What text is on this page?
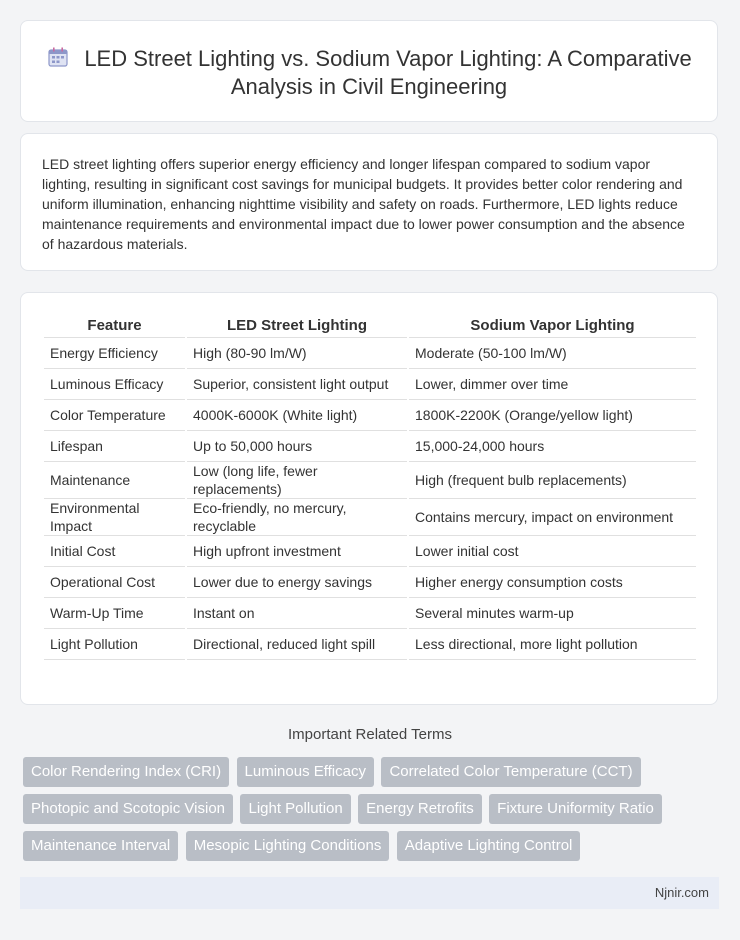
LED Street Lighting vs. Sodium Vapor Lighting: A Comparative Analysis in Civil Engineering
LED street lighting offers superior energy efficiency and longer lifespan compared to sodium vapor lighting, resulting in significant cost savings for municipal budgets. It provides better color rendering and uniform illumination, enhancing nighttime visibility and safety on roads. Furthermore, LED lights reduce maintenance requirements and environmental impact due to lower power consumption and the absence of hazardous materials.
Feature	LED Street Lighting	Sodium Vapor Lighting
Energy Efficiency	High (80-90 lm/W)	Moderate (50-100 lm/W)
Luminous Efficacy	Superior, consistent light output	Lower, dimmer over time
Color Temperature	4000K-6000K (White light)	1800K-2200K (Orange/yellow light)
Lifespan	Up to 50,000 hours	15,000-24,000 hours
Maintenance	Low (long life, fewer replacements)	High (frequent bulb replacements)
Environmental Impact	Eco-friendly, no mercury, recyclable	Contains mercury, impact on environment
Initial Cost	High upfront investment	Lower initial cost
Operational Cost	Lower due to energy savings	Higher energy consumption costs
Warm-Up Time	Instant on	Several minutes warm-up
Light Pollution	Directional, reduced light spill	Less directional, more light pollution
Important Related Terms
Color Rendering Index (CRI) Luminous Efficacy Correlated Color Temperature (CCT)
Photopic and Scotopic Vision Light Pollution Energy Retrofits Fixture Uniformity Ratio
Maintenance Interval Mesopic Lighting Conditions Adaptive Lighting Control
Njnir.com
